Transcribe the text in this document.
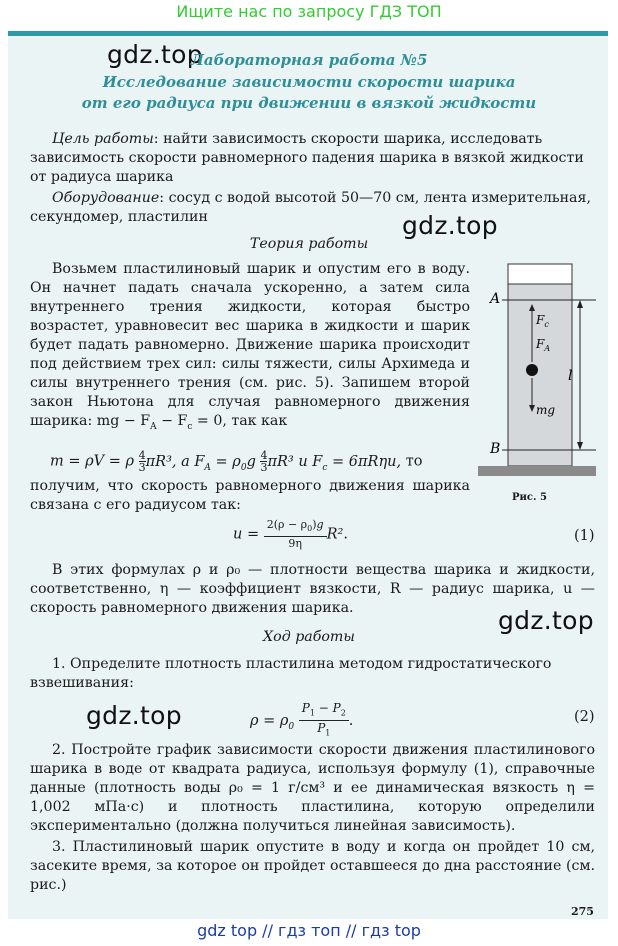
Ищите нас по запросу ГДЗ ТОП
gdz.top
Лабораторная работа №5
Исследование зависимости скорости шарика
от его радиуса при движении в вязкой жидкости
Цель работы: найти зависимость скорости шарика, исследовать зависимость скорости равномерного падения шарика в вязкой жидкости от радиуса шарика
Оборудование: сосуд с водой высотой 50—70 см, лента измерительная, секундомер, пластилин	gdz.top
Теория работы
Возьмем пластилиновый шарик и опустим его в воду. Он начнет падать сначала ускоренно, а затем сила внутреннего трения жидкости, которая быстро возрастет, уравновесит вес шарика в жидкости и шарик будет падать равномерно. Движение шарика происходит под действием трех сил: силы тяжести, силы Архимеда и силы внутреннего трения (см. рис. 5). Запишем второй закон Ньютона для случая равномерного движения шарика: mg − $F_A - F_c = 0$, так как
m = ρV = ρ $\frac{4}{3} \pi R^3$, а $F_A = \rho_0g \frac{4}{3} \pi R^3$ и $F_c = 6\pi R\eta u$, то
получим, что скорость равномерного движения шарика связана с его радиусом так:
$u = \frac{2(\rho - \rho_0)g}{9\eta} R^2$.	(1)
В этих формулах ρ и ρ₀ — плотности вещества шарика и жидкости, соответственно, η — коэффициент вязкости, R — радиус шарика, u — скорость равномерного движения шарика.	gdz.top
Ход работы
1. Определите плотность пластилина методом гидростатического взвешивания:
gdz.top	$\rho = \rho_0 \frac{P_1 - P_2}{P_1}$ .	(2)
2. Постройте график зависимости скорости движения пластилинового шарика в воде от квадрата радиуса, используя формулу (1), справочные данные (плотность воды ρ₀ = 1 г/см³ и ее динамическая вязкость η = 1,002 мПа·с) и плотность пластилина, которую определили экспериментально (должна получиться линейная зависимость).
3. Пластилиновый шарик опустите в воду и когда он пройдет 10 см, засеките время, за которое он пройдет оставшееся до дна расстояние (см. рис.)
275
A
B
l
$F_c$
$F_A$
mg
Рис. 5
gdz top // гдз топ // гдз top
